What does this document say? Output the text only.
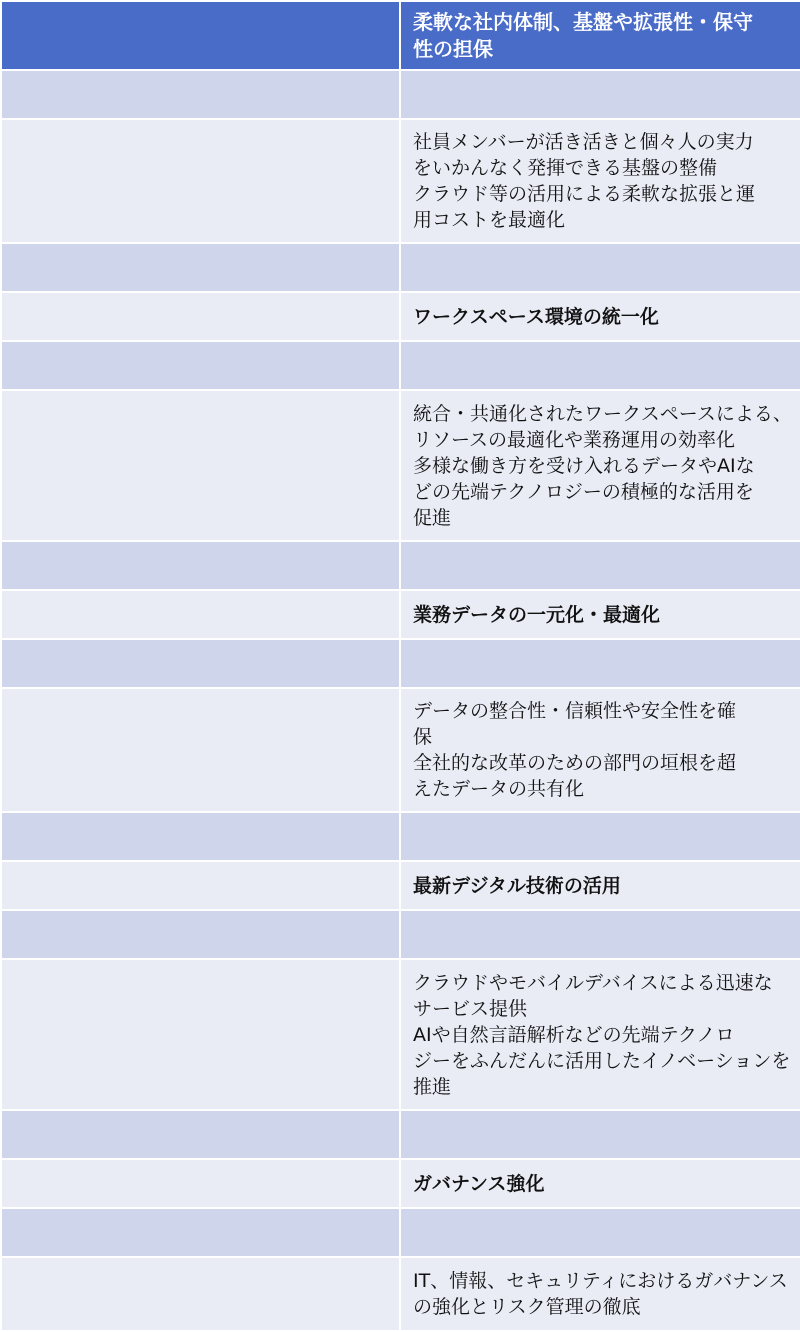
	柔軟な社内体制、基盤や拡張性・保守
性の担保

	社員メンバーが活き活きと個々人の実力
をいかんなく発揮できる基盤の整備
クラウド等の活用による柔軟な拡張と運
用コストを最適化

	ワークスペース環境の統一化

	統合・共通化されたワークスペースによる、
リソースの最適化や業務運用の効率化
多様な働き方を受け入れるデータやAIな
どの先端テクノロジーの積極的な活用を
促進

	業務データの一元化・最適化

	データの整合性・信頼性や安全性を確
保
全社的な改革のための部門の垣根を超
えたデータの共有化

	最新デジタル技術の活用

	クラウドやモバイルデバイスによる迅速な
サービス提供
AIや自然言語解析などの先端テクノロ
ジーをふんだんに活用したイノベーションを
推進

	ガバナンス強化

	IT、情報、セキュリティにおけるガバナンス
の強化とリスク管理の徹底
